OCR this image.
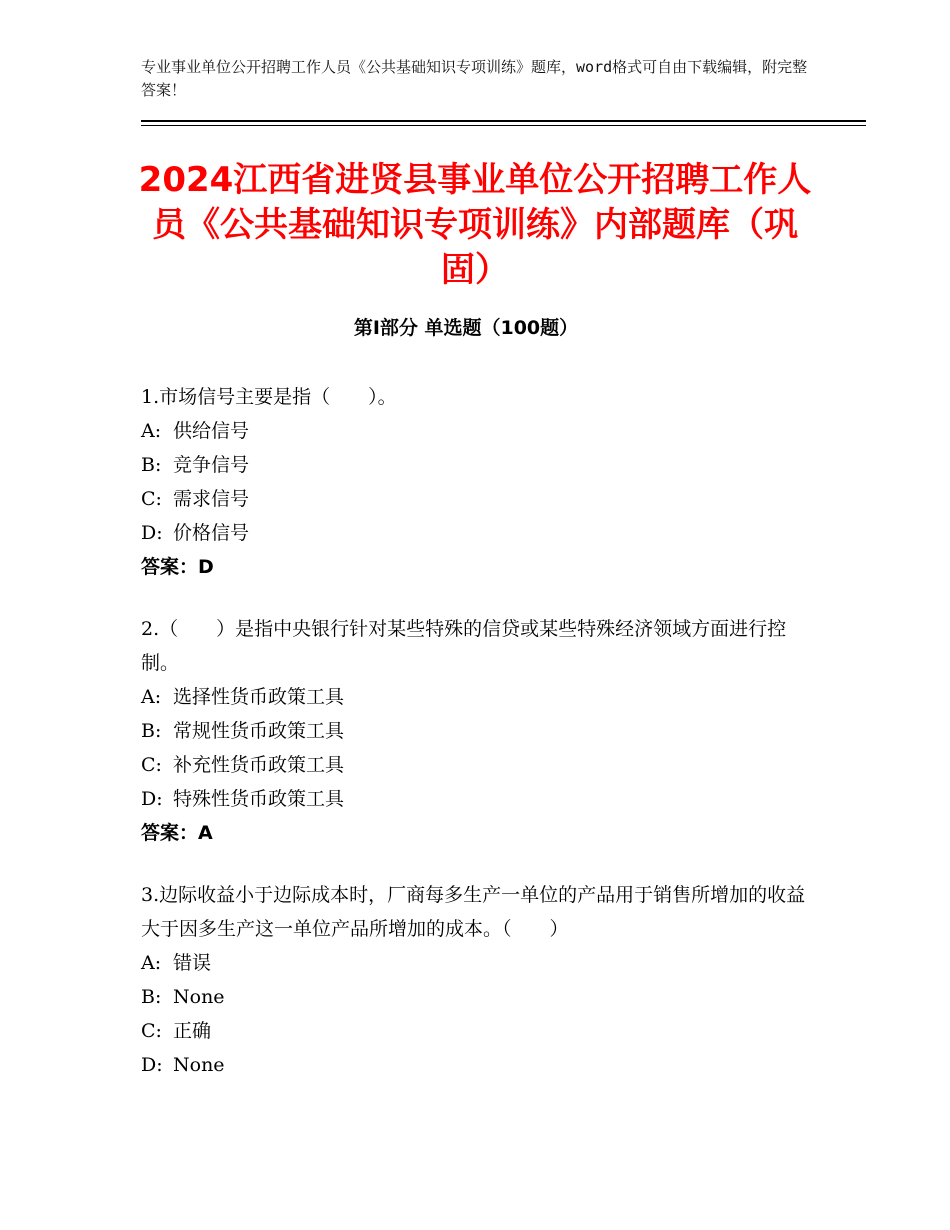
专业事业单位公开招聘工作人员《公共基础知识专项训练》题库，word格式可自由下载编辑，附完整答案！
2024江西省进贤县事业单位公开招聘工作人员《公共基础知识专项训练》内部题库（巩固）
第Ⅰ部分 单选题（100题）
1.市场信号主要是指（　　）。
A: 供给信号
B: 竞争信号
C: 需求信号
D: 价格信号
答案：D
2.（　　）是指中央银行针对某些特殊的信贷或某些特殊经济领域方面进行控制。
A: 选择性货币政策工具
B: 常规性货币政策工具
C: 补充性货币政策工具
D: 特殊性货币政策工具
答案：A
3.边际收益小于边际成本时，厂商每多生产一单位的产品用于销售所增加的收益大于因多生产这一单位产品所增加的成本。（　　）
A: 错误
B: None
C: 正确
D: None
